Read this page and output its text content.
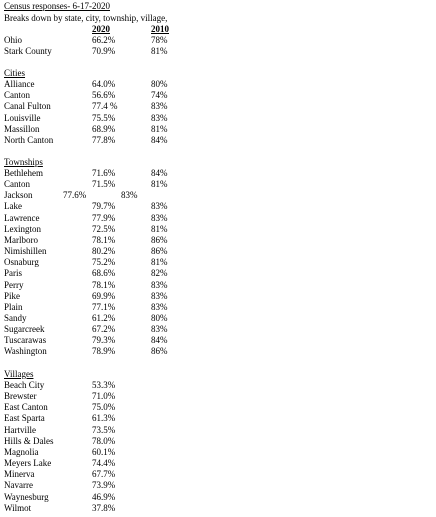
Census responses- 6-17-2020
Breaks down by state, city, township, village,
2020	2010
Ohio	66.2%	78%
Stark County	70.9%	81%
Cities
Alliance	64.0%	80%
Canton	56.6%	74%
Canal Fulton	77.4 %	83%
Louisville	75.5%	83%
Massillon	68.9%	81%
North Canton	77.8%	84%
Townships
Bethlehem	71.6%	84%
Canton	71.5%	81%
Jackson	77.6%	83%
Lake	79.7%	83%
Lawrence	77.9%	83%
Lexington	72.5%	81%
Marlboro	78.1%	86%
Nimishillen	80.2%	86%
Osnaburg	75.2%	81%
Paris	68.6%	82%
Perry	78.1%	83%
Pike	69.9%	83%
Plain	77.1%	83%
Sandy	61.2%	80%
Sugarcreek	67.2%	83%
Tuscarawas	79.3%	84%
Washington	78.9%	86%
Villages
Beach City	53.3%
Brewster	71.0%
East Canton	75.0%
East Sparta	61.3%
Hartville	73.5%
Hills & Dales	78.0%
Magnolia	60.1%
Meyers Lake	74.4%
Minerva	67.7%
Navarre	73.9%
Waynesburg	46.9%
Wilmot	37.8%
